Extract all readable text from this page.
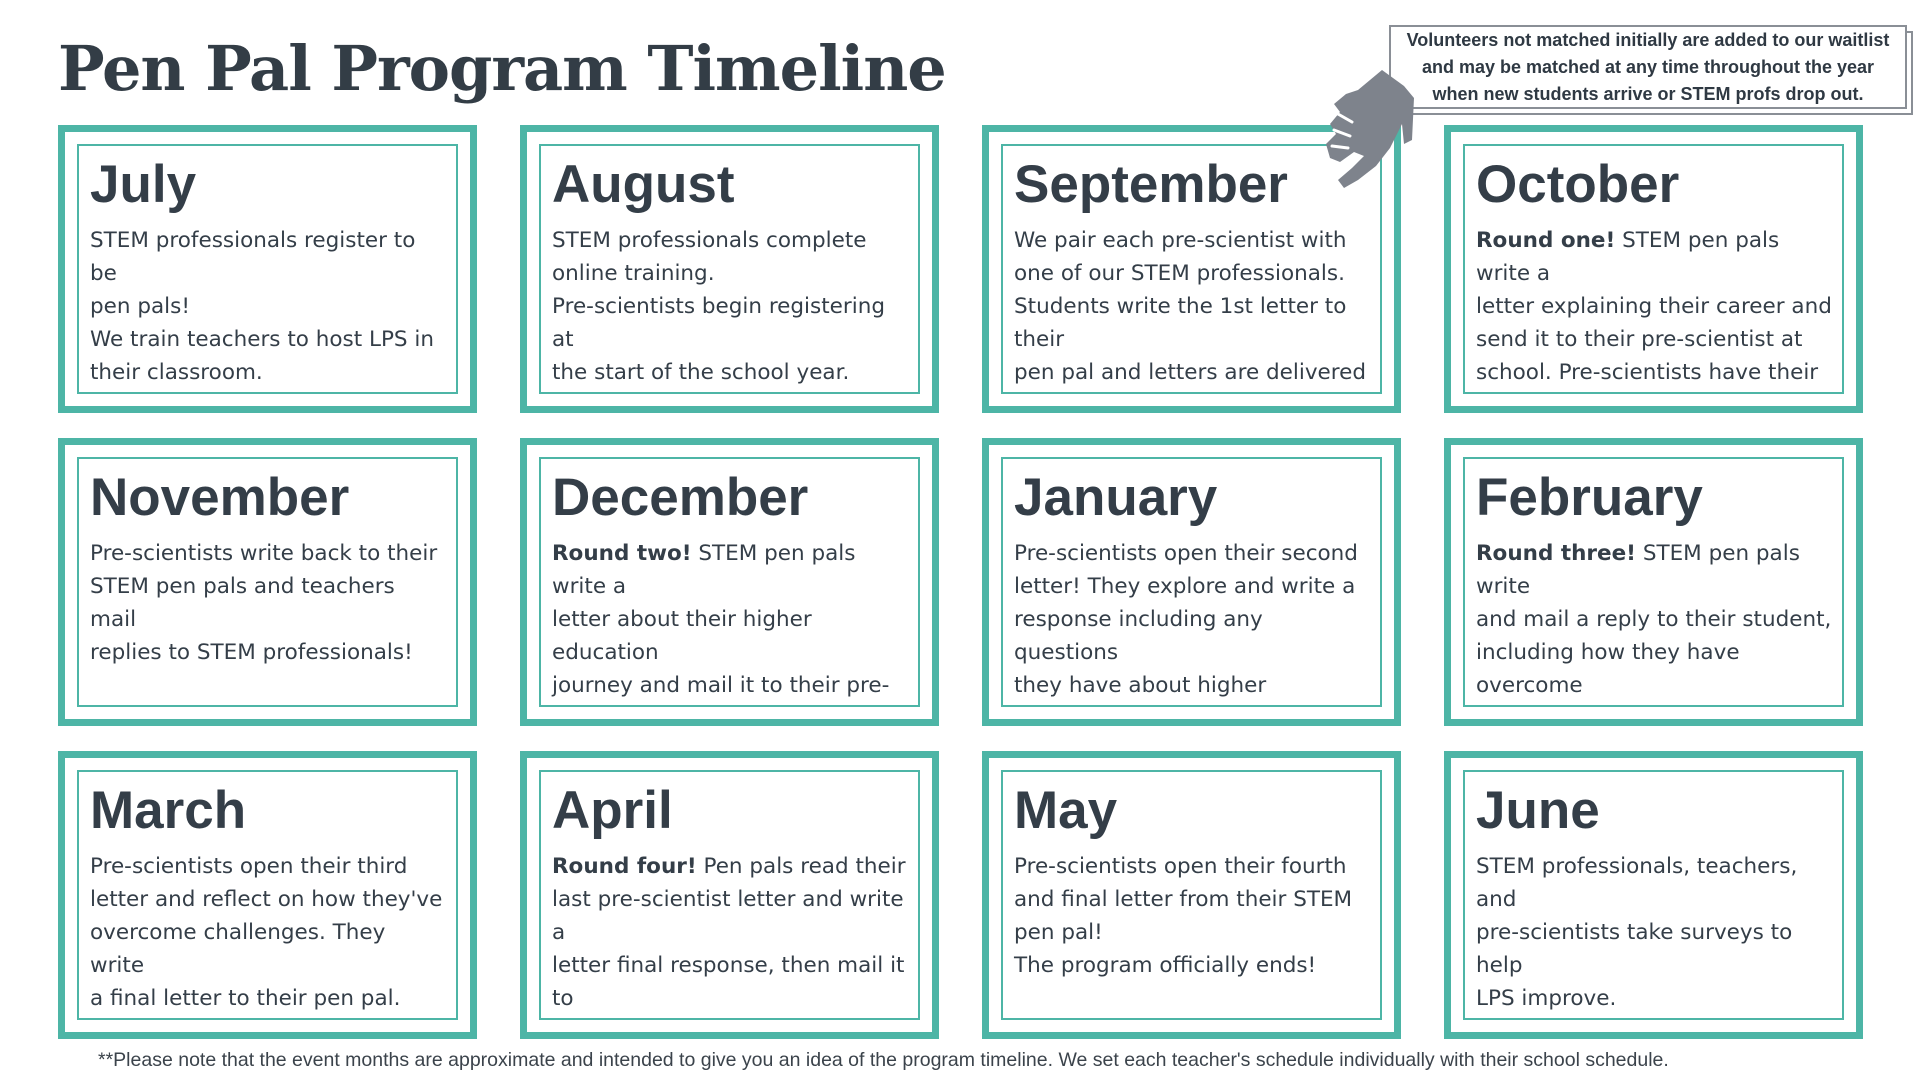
Pen Pal Program Timeline
July

STEM professionals register to be
pen pals!
We train teachers to host LPS in
their classroom.

August

STEM professionals complete
online training.
Pre-scientists begin registering at
the start of the school year.

September

We pair each pre-scientist with
one of our STEM professionals.
Students write the 1st letter to their
pen pal and letters are delivered

October

Round one! STEM pen pals write a
letter explaining their career and
send it to their pre-scientist at
school. Pre-scientists have their

November

Pre-scientists write back to their
STEM pen pals and teachers mail
replies to STEM professionals!

December

Round two! STEM pen pals write a
letter about their higher education
journey and mail it to their pre-

January

Pre-scientists open their second
letter! They explore and write a
response including any questions
they have about higher

February

Round three! STEM pen pals write
and mail a reply to their student,
including how they have overcome

March

Pre-scientists open their third
letter and reflect on how they've
overcome challenges. They write
a final letter to their pen pal.

April

Round four! Pen pals read their
last pre-scientist letter and write a
letter final response, then mail it to

May

Pre-scientists open their fourth
and final letter from their STEM
pen pal!
The program officially ends!

June

STEM professionals, teachers, and
pre-scientists take surveys to help
LPS improve.

Volunteers not matched initially are added to our waitlist
and may be matched at any time throughout the year
when new students arrive or STEM profs drop out.
**Please note that the event months are approximate and intended to give you an idea of the program timeline. We set each teacher's schedule individually with their school schedule.
